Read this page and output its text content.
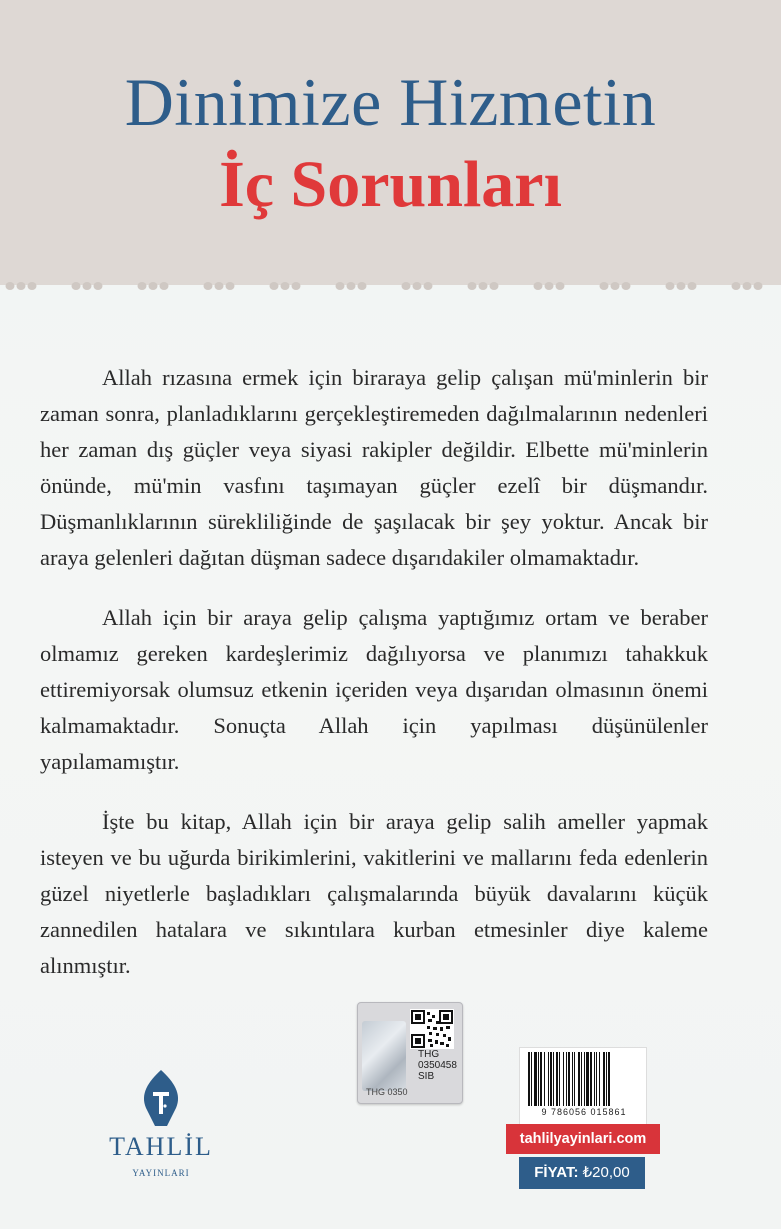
Dinimize Hizmetin
İç Sorunları

Allah rızasına ermek için biraraya gelip çalışan mü'minlerin bir zaman sonra, planladıklarını gerçekleştiremeden dağılmalarının nedenleri her zaman dış güçler veya siyasi rakipler değildir. Elbette mü'minlerin önünde, mü'min vasfını taşımayan güçler ezelî bir düşmandır. Düşmanlıklarının sürekliliğinde de şaşılacak bir şey yoktur. Ancak bir araya gelenleri dağıtan düşman sadece dışarıdakiler olmamaktadır.

Allah için bir araya gelip çalışma yaptığımız ortam ve beraber olmamız gereken kardeşlerimiz dağılıyorsa ve planımızı tahakkuk ettiremiyorsak olumsuz etkenin içeriden veya dışarıdan olmasının önemi kalmamaktadır. Sonuçta Allah için yapılması düşünülenler yapılamamıştır.

İşte bu kitap, Allah için bir araya gelip salih ameller yapmak isteyen ve bu uğurda birikimlerini, vakitlerini ve mallarını feda edenlerin güzel niyetlerle başladıkları çalışmalarında büyük davalarını küçük zannedilen hatalara ve sıkıntılara kurban etmesinler diye kaleme alınmıştır.

THG
0350458
SIB
THG 0350
TAHLİL
YAYINLARI
9 786056 015861
tahlilyayinlari.com
FİYAT: ₺20,00
